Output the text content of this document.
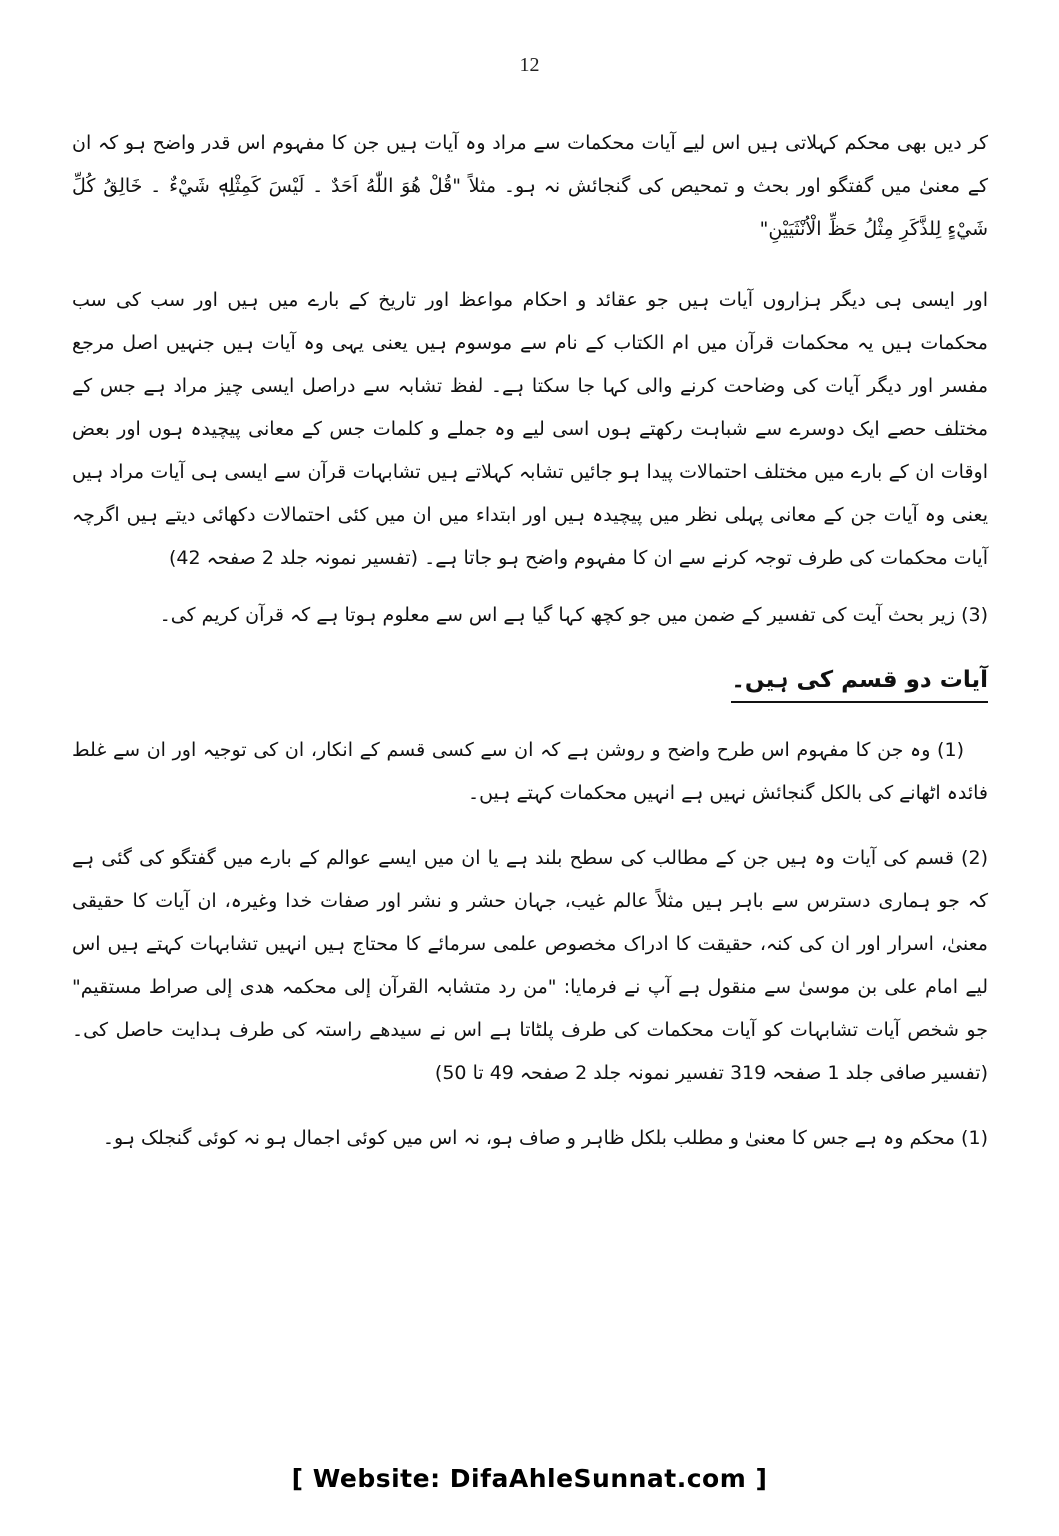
12

کر دیں بھی محکم کہلاتی ہیں اس لیے آیات محکمات سے مراد وہ آیات ہیں جن کا مفہوم اس قدر واضح ہو کہ ان کے معنیٰ میں گفتگو اور بحث و تمحیص کی گنجائش نہ ہو۔ مثلاً "قُلْ هُوَ اللّٰهُ اَحَدٌ ۔ لَيْسَ كَمِثْلِهٖ شَيْءٌ ۔ خَالِقُ كُلِّ شَيْءٍ لِلذَّكَرِ مِثْلُ حَظِّ الْاُنْثَيَيْنِ"

اور ایسی ہی دیگر ہزاروں آیات ہیں جو عقائد و احکام مواعظ اور تاریخ کے بارے میں ہیں اور سب کی سب محکمات ہیں یہ محکمات قرآن میں ام الکتاب کے نام سے موسوم ہیں یعنی یہی وہ آیات ہیں جنہیں اصل مرجع مفسر اور دیگر آیات کی وضاحت کرنے والی کہا جا سکتا ہے۔ لفظ تشابہ سے دراصل ایسی چیز مراد ہے جس کے مختلف حصے ایک دوسرے سے شباہت رکھتے ہوں اسی لیے وہ جملے و کلمات جس کے معانی پیچیدہ ہوں اور بعض اوقات ان کے بارے میں مختلف احتمالات پیدا ہو جائیں تشابہ کہلاتے ہیں تشابہات قرآن سے ایسی ہی آیات مراد ہیں یعنی وہ آیات جن کے معانی پہلی نظر میں پیچیدہ ہیں اور ابتداء میں ان میں کئی احتمالات دکھائی دیتے ہیں اگرچہ آیات محکمات کی طرف توجہ کرنے سے ان کا مفہوم واضح ہو جاتا ہے۔ (تفسیر نمونہ جلد 2 صفحہ 42)

(3) زیر بحث آیت کی تفسیر کے ضمن میں جو کچھ کہا گیا ہے اس سے معلوم ہوتا ہے کہ قرآن کریم کی۔

آیات دو قسم کی ہیں۔

(1) وہ جن کا مفہوم اس طرح واضح و روشن ہے کہ ان سے کسی قسم کے انکار، ان کی توجیہ اور ان سے غلط فائدہ اٹھانے کی بالکل گنجائش نہیں ہے انہیں محکمات کہتے ہیں۔

(2) قسم کی آیات وہ ہیں جن کے مطالب کی سطح بلند ہے یا ان میں ایسے عوالم کے بارے میں گفتگو کی گئی ہے کہ جو ہماری دسترس سے باہر ہیں مثلاً عالم غیب، جہان حشر و نشر اور صفات خدا وغیرہ، ان آیات کا حقیقی معنیٰ، اسرار اور ان کی کنہ، حقیقت کا ادراک مخصوص علمی سرمائے کا محتاج ہیں انہیں تشابہات کہتے ہیں اس لیے امام علی بن موسیٰ سے منقول ہے آپ نے فرمایا: "من رد متشابہ القرآن إلی محکمہ ھدی إلی صراط مستقیم" جو شخص آیات تشابہات کو آیات محکمات کی طرف پلٹاتا ہے اس نے سیدھے راستہ کی طرف ہدایت حاصل کی۔ (تفسیر صافی جلد 1 صفحہ 319 تفسیر نمونہ جلد 2 صفحہ 49 تا 50)

(1) محکم وہ ہے جس کا معنیٰ و مطلب بلکل ظاہر و صاف ہو، نہ اس میں کوئی اجمال ہو نہ کوئی گنجلک ہو۔

[ Website: DifaAhleSunnat.com ]
